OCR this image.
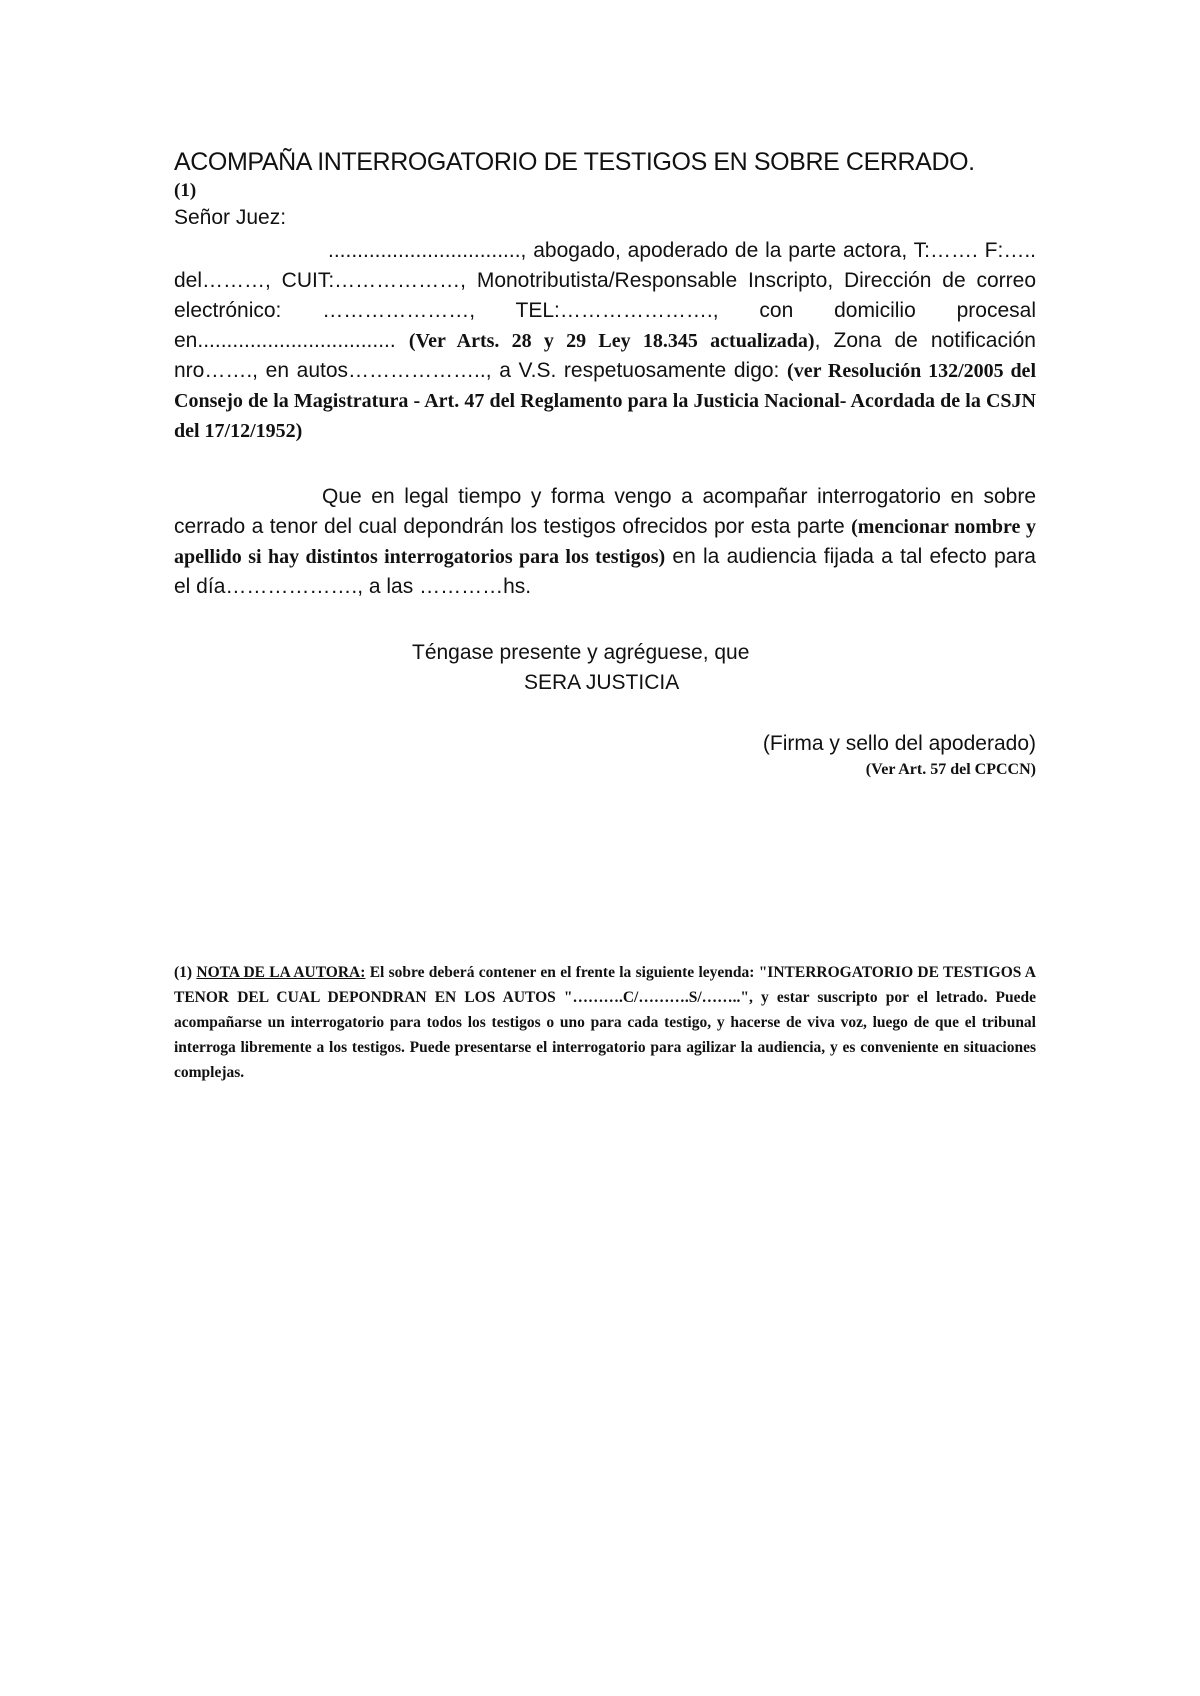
ACOMPAÑA INTERROGATORIO DE TESTIGOS EN SOBRE CERRADO.
(1)
Señor Juez:

................................., abogado, apoderado de la parte actora, T:……. F:….. del………, CUIT:………………, Monotributista/Responsable Inscripto, Dirección de correo electrónico: …………………, TEL:…………………., con domicilio procesal en.................................. (Ver Arts. 28 y 29 Ley 18.345 actualizada), Zona de notificación nro……., en autos……………….., a V.S. respetuosamente digo: (ver Resolución 132/2005 del Consejo de la Magistratura - Art. 47 del Reglamento para la Justicia Nacional- Acordada de la CSJN del 17/12/1952)

Que en legal tiempo y forma vengo a acompañar interrogatorio en sobre cerrado a tenor del cual depondrán los testigos ofrecidos por esta parte (mencionar nombre y apellido si hay distintos interrogatorios para los testigos) en la audiencia fijada a tal efecto para el día………………., a las …………hs.

Téngase presente y agréguese, que
SERA JUSTICIA
(Firma y sello del apoderado)
(Ver Art. 57 del CPCCN)
(1) NOTA DE LA AUTORA: El sobre deberá contener en el frente la siguiente leyenda: "INTERROGATORIO DE TESTIGOS A TENOR DEL CUAL DEPONDRAN EN LOS AUTOS "……….C/……….S/……..", y estar suscripto por el letrado. Puede acompañarse un interrogatorio para todos los testigos o uno para cada testigo, y hacerse de viva voz, luego de que el tribunal interroga libremente a los testigos. Puede presentarse el interrogatorio para agilizar la audiencia, y es conveniente en situaciones complejas.
